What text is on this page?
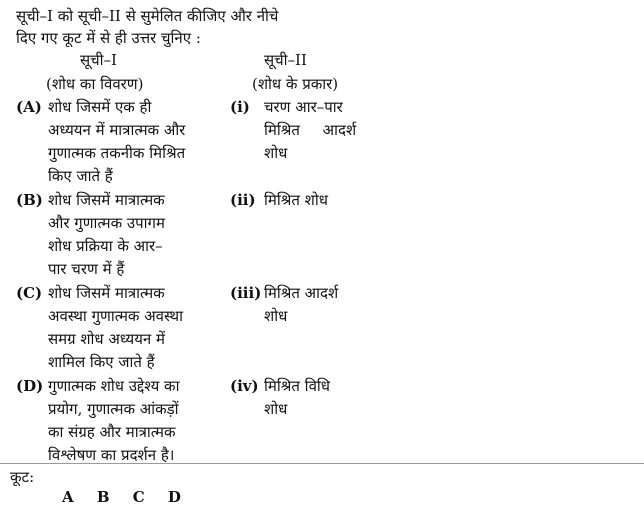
सूची–I को सूची–II से सुमेलित कीजिए और नीचे
दिए गए कूट में से ही उत्तर चुनिए :
सूची–I
(शोध का विवरण)
सूची–II
(शोध के प्रकार)
(A) शोध जिसमें एक ही
अध्ययन में मात्रात्मक और
गुणात्मक तकनीक मिश्रित
किए जाते हैं
(i) चरण आर–पार
मिश्रित आदर्श
शोध
(B) शोध जिसमें मात्रात्मक
और गुणात्मक उपागम
शोध प्रक्रिया के आर–
पार चरण में हैं
(ii) मिश्रित शोध
(C) शोध जिसमें मात्रात्मक
अवस्था गुणात्मक अवस्था
समग्र शोध अध्ययन में
शामिल किए जाते हैं
(iii) मिश्रित आदर्श
शोध
(D) गुणात्मक शोध उद्देश्य का
प्रयोग, गुणात्मक आंकड़ों
का संग्रह और मात्रात्मक
विश्लेषण का प्रदर्शन है।
(iv) मिश्रित विधि
शोध
कूट:
A B C D
